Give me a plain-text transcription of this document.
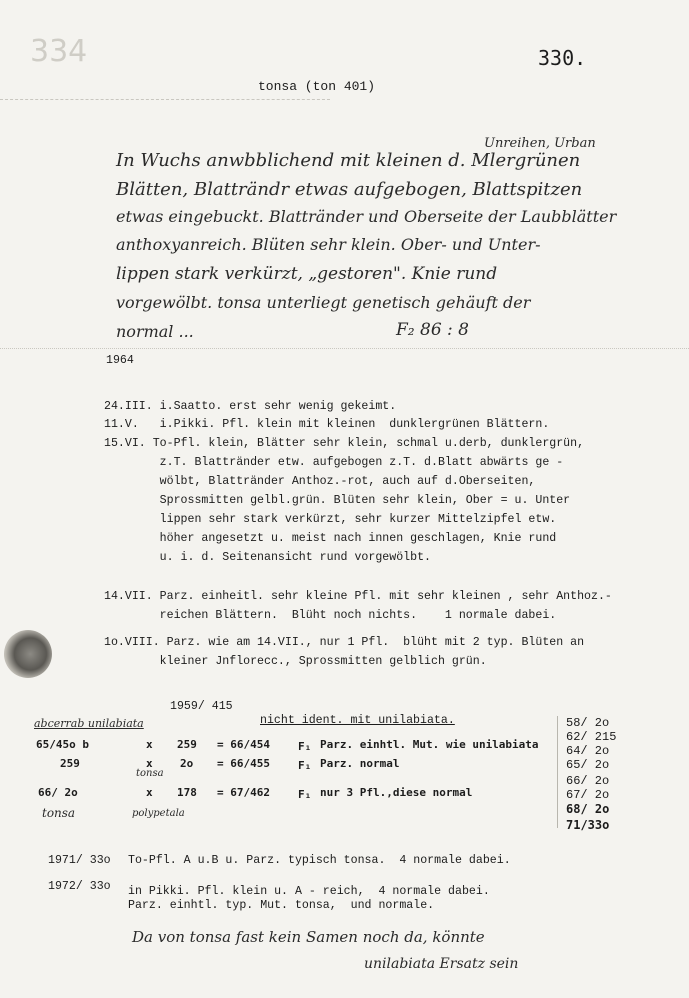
334	330.
tonsa (ton 401)
Unreihen, Urban
In Wuchs anwbblichend mit kleinen d. Mlergrünen
Blätten, Blatträndr etwas aufgebogen, Blattspitzen
etwas eingebuckt. Blattränder und Oberseite der Laubblätter
anthoxyanreich. Blüten sehr klein. Ober- und Unter-
lippen stark verkürzt, „gestoren". Knie rund
vorgewölbt. tonsa unterliegt genetisch gehäuft der
normal ...	F₂ 86 : 8
1964
24.III. i.Saatto. erst sehr wenig gekeimt.
11.V.   i.Pikki. Pfl. klein mit kleinen  dunklergrünen Blättern.
15.VI. To-Pfl. klein, Blätter sehr klein, schmal u.derb, dunklergrün,
z.T. Blattränder etw. aufgebogen z.T. d.Blatt abwärts ge -
wölbt, Blattränder Anthoz.-rot, auch auf d.Oberseiten,
Sprossmitten gelbl.grün. Blüten sehr klein, Ober = u. Unter
lippen sehr stark verkürzt, sehr kurzer Mittelzipfel etw.
höher angesetzt u. meist nach innen geschlagen, Knie rund
u. i. d. Seitenansicht rund vorgewölbt.
14.VII. Parz. einheitl. sehr kleine Pfl. mit sehr kleinen , sehr Anthoz.-
reichen Blättern.  Blüht noch nichts.    1 normale dabei.
1o.VIII. Parz. wie am 14.VII., nur 1 Pfl.  blüht mit 2 typ. Blüten an
kleiner Jnflorесc., Sprossmitten gelblich grün.
1959/ 415
nicht ident. mit unilabiata.
abcerrab unilabiata
tonsa
65/45o b	x 259 = 66/454	F₁ Parz. einhtl. Mut. wie unilabiata
259	x 2o = 66/455	F₁ Parz. normal
66/ 2o	x 178 = 67/462	F₁ nur 3 Pfl.,diese normal
tonsa	polypetala
58/ 2o
62/ 215
64/ 2o
65/ 2o
66/ 2o
67/ 2o
68/ 2o
71/33o
1971/ 33o To-Pfl. A u.B u. Parz. typisch tonsa.  4 normale dabei.
1972/ 33o in Pikki. Pfl. klein u. A - reich,  4 normale dabei.
Parz. einhtl. typ. Mut. tonsa,  und normale.
Da von tonsa fast kein Samen noch da, könnte
unilabiata Ersatz sein
